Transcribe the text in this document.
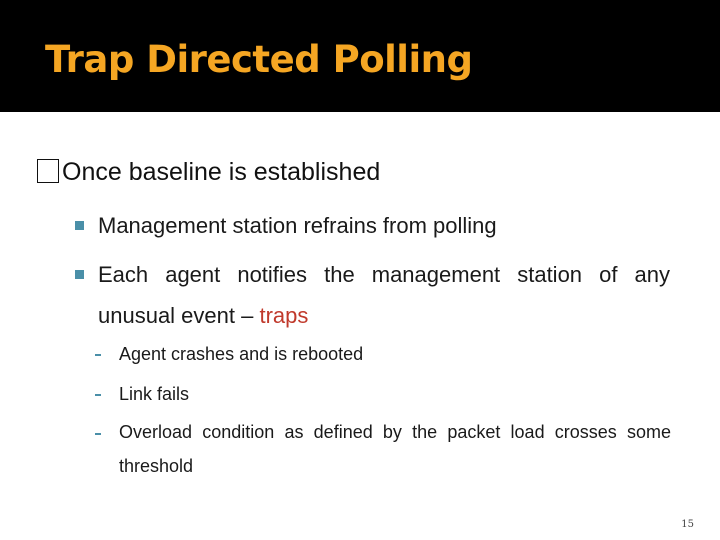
Trap Directed Polling
Once baseline is established
Management station refrains from polling
Each agent notifies the management station of any unusual event – traps
Agent crashes and is rebooted
Link fails
Overload condition as defined by the packet load crosses some threshold
15
